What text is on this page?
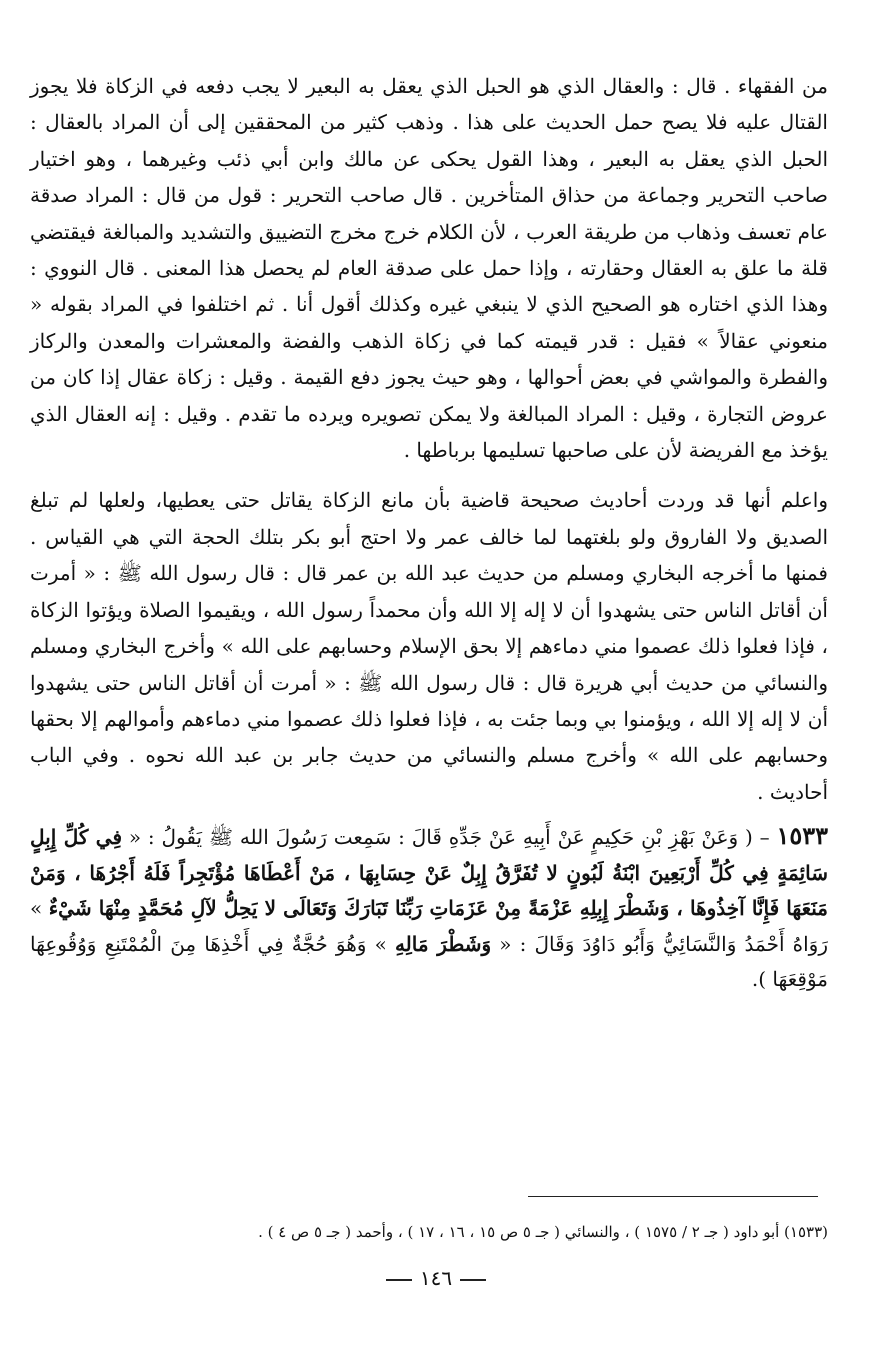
من الفقهاء . قال : والعقال الذي هو الحبل الذي يعقل به البعير لا يجب دفعه في الزكاة فلا يجوز القتال عليه فلا يصح حمل الحديث على هذا . وذهب كثير من المحققين إلى أن المراد بالعقال : الحبل الذي يعقل به البعير ، وهذا القول يحكى عن مالك وابن أبي ذئب وغيرهما ، وهو اختيار صاحب التحرير وجماعة من حذاق المتأخرين . قال صاحب التحرير : قول من قال : المراد صدقة عام تعسف وذهاب من طريقة العرب ، لأن الكلام خرج مخرج التضييق والتشديد والمبالغة فيقتضي قلة ما علق به العقال وحقارته ، وإذا حمل على صدقة العام لم يحصل هذا المعنى . قال النووي : وهذا الذي اختاره هو الصحيح الذي لا ينبغي غيره وكذلك أقول أنا . ثم اختلفوا في المراد بقوله « منعوني عقالاً » فقيل : قدر قيمته كما في زكاة الذهب والفضة والمعشرات والمعدن والركاز والفطرة والمواشي في بعض أحوالها ، وهو حيث يجوز دفع القيمة . وقيل : زكاة عقال إذا كان من عروض التجارة ، وقيل : المراد المبالغة ولا يمكن تصويره ويرده ما تقدم . وقيل : إنه العقال الذي يؤخذ مع الفريضة لأن على صاحبها تسليمها برباطها .

واعلم أنها قد وردت أحاديث صحيحة قاضية بأن مانع الزكاة يقاتل حتى يعطيها، ولعلها لم تبلغ الصديق ولا الفاروق ولو بلغتهما لما خالف عمر ولا احتج أبو بكر بتلك الحجة التي هي القياس . فمنها ما أخرجه البخاري ومسلم من حديث عبد الله بن عمر قال : قال رسول الله ﷺ : « أمرت أن أقاتل الناس حتى يشهدوا أن لا إله إلا الله وأن محمداً رسول الله ، ويقيموا الصلاة ويؤتوا الزكاة ، فإذا فعلوا ذلك عصموا مني دماءهم إلا بحق الإسلام وحسابهم على الله » وأخرج البخاري ومسلم والنسائي من حديث أبي هريرة قال : قال رسول الله ﷺ : « أمرت أن أقاتل الناس حتى يشهدوا أن لا إله إلا الله ، ويؤمنوا بي وبما جئت به ، فإذا فعلوا ذلك عصموا مني دماءهم وأموالهم إلا بحقها وحسابهم على الله » وأخرج مسلم والنسائي من حديث جابر بن عبد الله نحوه . وفي الباب أحاديث .

١٥٣٣ – ( وَعَنْ بَهْزِ بْنِ حَكِيمٍ عَنْ أَبِيهِ عَنْ جَدِّهِ قَالَ : سَمِعت رَسُولَ الله ﷺ يَقُولُ : « فِي كُلِّ إِبِلٍ سَائِمَةٍ فِي كُلِّ أَرْبَعِينَ ابْنَةُ لَبُونٍ لا تُفَرَّقُ إِبِلٌ عَنْ حِسَابِهَا ، مَنْ أَعْطَاهَا مُؤْتَجِراً فَلَهُ أَجْرُهَا ، وَمَنْ مَنَعَهَا فَإِنَّا آخِذُوهَا ، وَشَطْرَ إِبِلِهِ عَزْمَةً مِنْ عَزَمَاتِ رَبِّنَا تَبَارَكَ وَتَعَالَى لا يَحِلُّ لآلِ مُحَمَّدٍ مِنْهَا شَيْءٌ » رَوَاهُ أَحْمَدُ وَالنَّسَائِيُّ وَأَبُو دَاوُدَ وَقَالَ : « وَشَطْرَ مَالِهِ » وَهُوَ حُجَّةٌ فِي أَخْذِهَا مِنَ الْمُمْتَنِعِ وَوُقُوعِهَا مَوْقِعَهَا ).

(١٥٣٣) أبو داود ( جـ ٢ / ١٥٧٥ ) ، والنسائي ( جـ ٥ ص ١٥ ، ١٦ ، ١٧ ) ، وأحمد ( جـ ٥ ص ٤ ) .
١٤٦
